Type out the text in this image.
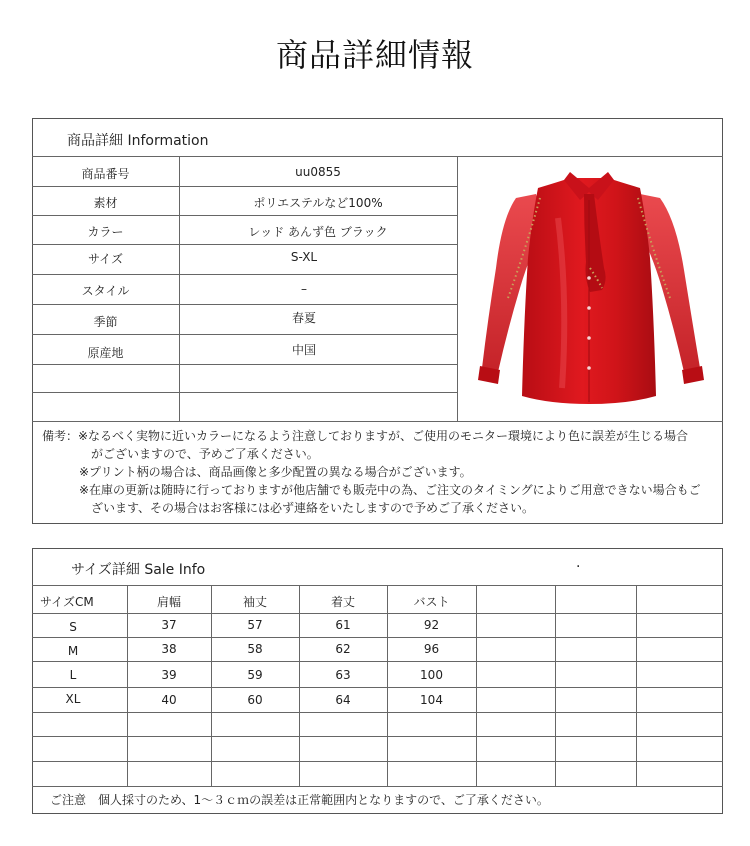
商品詳細情報
商品詳細 Information
商品番号	uu0855
素材	ポリエステルなど100%
カラー	レッド あんず色 ブラック
サイズ	S-XL
スタイル	–
季節	春夏
原産地	中国
備考：※なるべく実物に近いカラーになるよう注意しておりますが、ご使用のモニター環境により色に誤差が生じる場合
がございますので、予めご了承ください。
※プリント柄の場合は、商品画像と多少配置の異なる場合がございます。
※在庫の更新は随時に行っておりますが他店舗でも販売中の為、ご注文のタイミングによりご用意できない場合もご
ざいます、その場合はお客様には必ず連絡をいたしますので予めご了承ください。
サイズ詳細 Sale Info	·
サイズCM	肩幅	袖丈	着丈	バスト
S	37	57	61	92
M	38	58	62	96
L	39	59	63	100
XL	40	60	64	104
ご注意　個人採寸のため、1～３ｃｍの誤差は正常範囲内となりますので、ご了承ください。
